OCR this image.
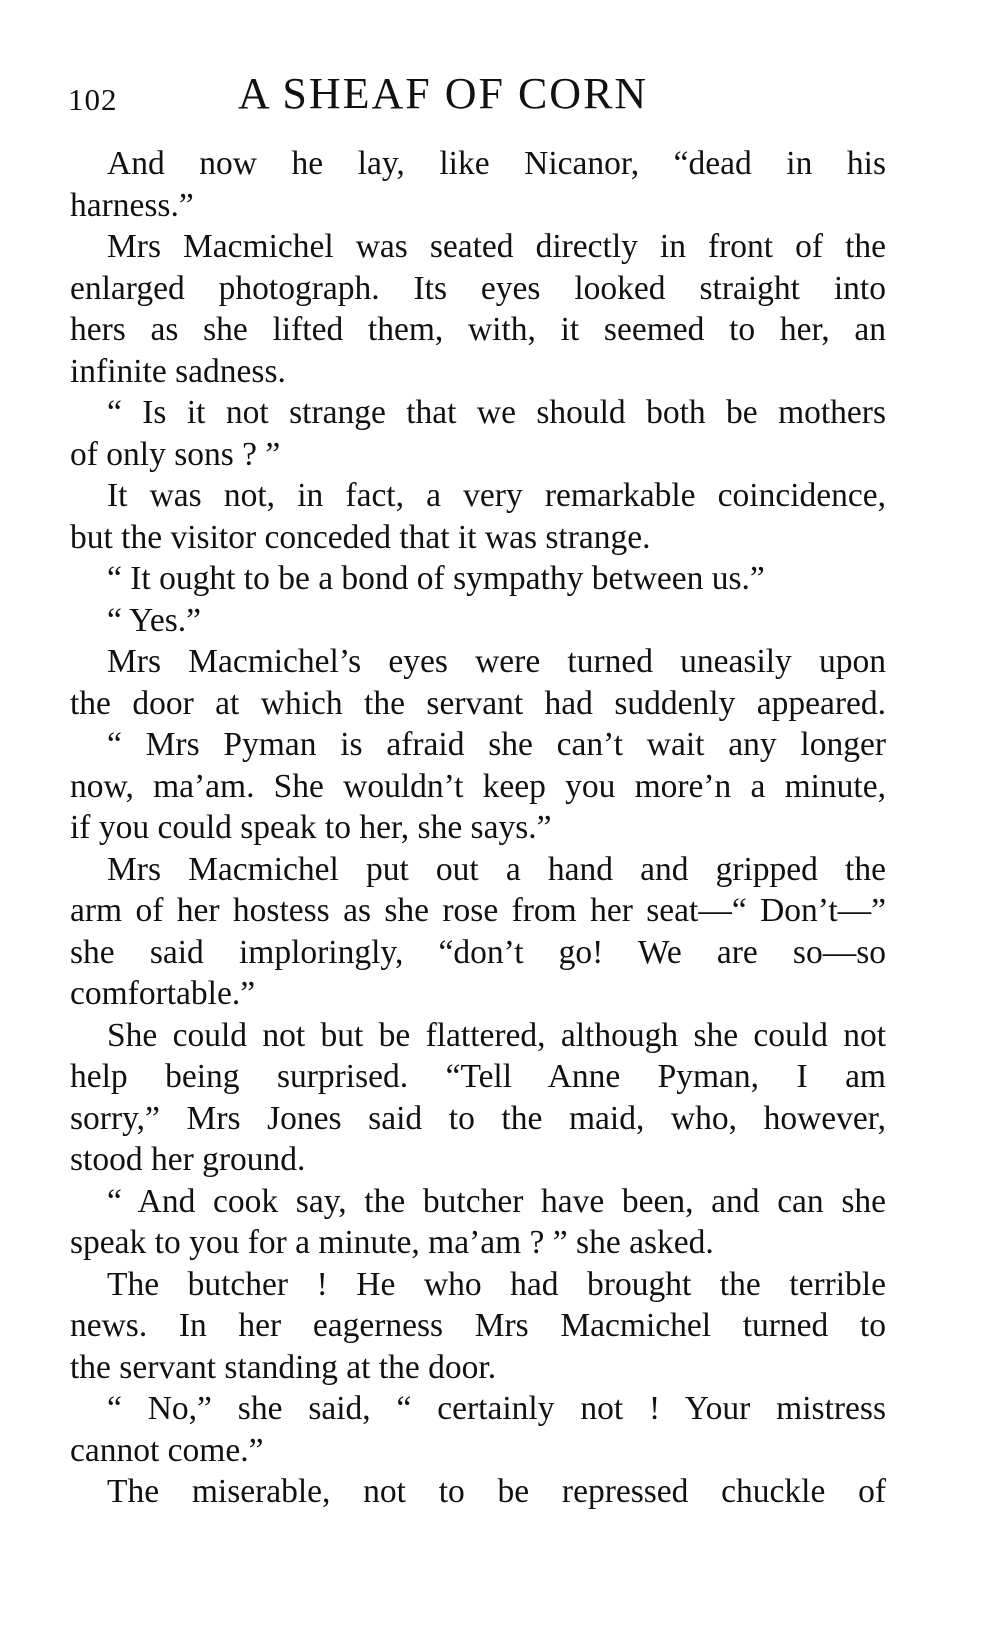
102	A SHEAF OF CORN
And now he lay, like Nicanor, “dead in his
harness.”
Mrs Macmichel was seated directly in front of the
enlarged photograph. Its eyes looked straight into
hers as she lifted them, with, it seemed to her, an
infinite sadness.
“ Is it not strange that we should both be mothers
of only sons ? ”
It was not, in fact, a very remarkable coincidence,
but the visitor conceded that it was strange.
“ It ought to be a bond of sympathy between us.”
“ Yes.”
Mrs Macmichel’s eyes were turned uneasily upon
the door at which the servant had suddenly appeared.
“ Mrs Pyman is afraid she can’t wait any longer
now, ma’am. She wouldn’t keep you more’n a minute,
if you could speak to her, she says.”
Mrs Macmichel put out a hand and gripped the
arm of her hostess as she rose from her seat—“ Don’t—”
she said imploringly, “don’t go! We are so—so
comfortable.”
She could not but be flattered, although she could not
help being surprised. “Tell Anne Pyman, I am
sorry,” Mrs Jones said to the maid, who, however,
stood her ground.
“ And cook say, the butcher have been, and can she
speak to you for a minute, ma’am ? ” she asked.
The butcher ! He who had brought the terrible
news. In her eagerness Mrs Macmichel turned to
the servant standing at the door.
“ No,” she said, “ certainly not ! Your mistress
cannot come.”
The miserable, not to be repressed chuckle of
